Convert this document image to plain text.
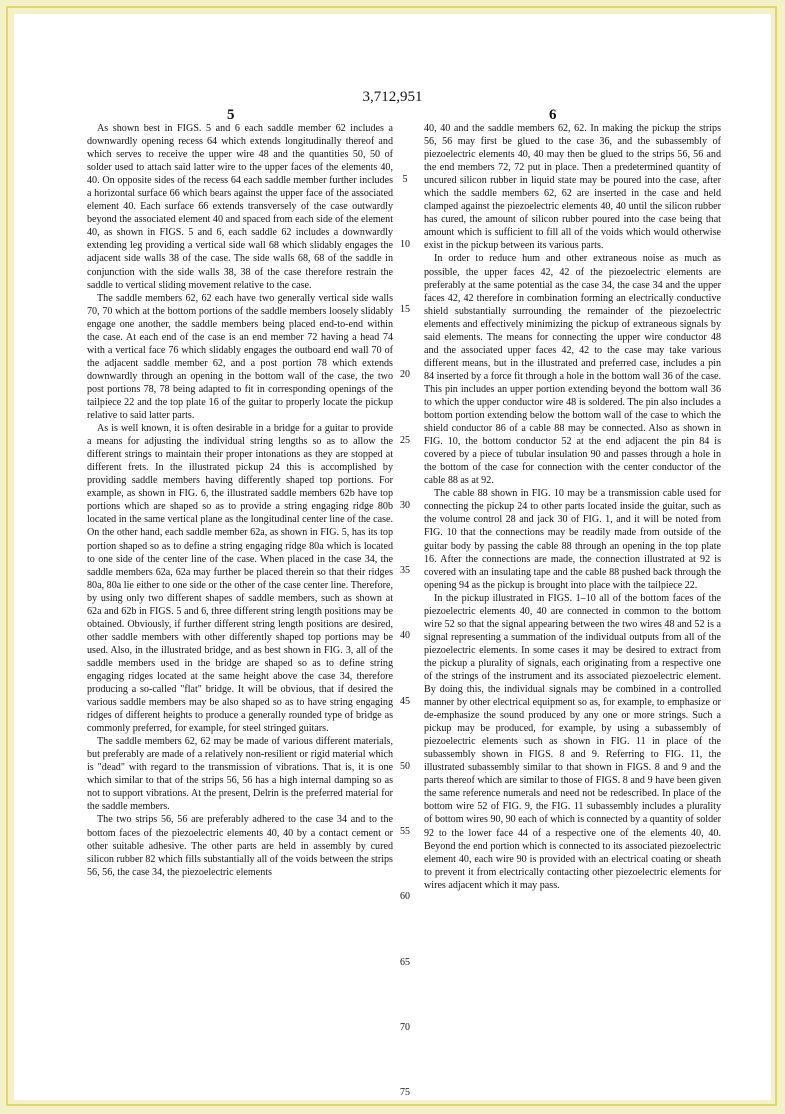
3,712,951
5	6

As shown best in FIGS. 5 and 6 each saddle member 62 includes a downwardly opening recess 64 which extends longitudinally thereof and which serves to receive the upper wire 48 and the quantities 50, 50 of solder used to attach said latter wire to the upper faces of the elements 40, 40. On opposite sides of the recess 64 each saddle member further includes a horizontal surface 66 which bears against the upper face of the associated element 40. Each surface 66 extends transversely of the case outwardly beyond the associated element 40 and spaced from each side of the element 40, as shown in FIGS. 5 and 6, each saddle 62 includes a downwardly extending leg providing a vertical side wall 68 which slidably engages the adjacent side walls 38 of the case. The side walls 68, 68 of the saddle in conjunction with the side walls 38, 38 of the case therefore restrain the saddle to vertical sliding movement relative to the case.

The saddle members 62, 62 each have two generally vertical side walls 70, 70 which at the bottom portions of the saddle members loosely slidably engage one another, the saddle members being placed end-to-end within the case. At each end of the case is an end member 72 having a head 74 with a vertical face 76 which slidably engages the outboard end wall 70 of the adjacent saddle member 62, and a post portion 78 which extends downwardly through an opening in the bottom wall of the case, the two post portions 78, 78 being adapted to fit in corresponding openings of the tailpiece 22 and the top plate 16 of the guitar to properly locate the pickup relative to said latter parts.

As is well known, it is often desirable in a bridge for a guitar to provide a means for adjusting the individual string lengths so as to allow the different strings to maintain their proper intonations as they are stopped at different frets. In the illustrated pickup 24 this is accomplished by providing saddle members having differently shaped top portions. For example, as shown in FIG. 6, the illustrated saddle members 62b have top portions which are shaped so as to provide a string engaging ridge 80b located in the same vertical plane as the longitudinal center line of the case. On the other hand, each saddle member 62a, as shown in FIG. 5, has its top portion shaped so as to define a string engaging ridge 80a which is located to one side of the center line of the case. When placed in the case 34, the saddle members 62a, 62a may further be placed therein so that their ridges 80a, 80a lie either to one side or the other of the case center line. Therefore, by using only two different shapes of saddle members, such as shown at 62a and 62b in FIGS. 5 and 6, three different string length positions may be obtained. Obviously, if further different string length positions are desired, other saddle members with other differently shaped top portions may be used. Also, in the illustrated bridge, and as best shown in FIG. 3, all of the saddle members used in the bridge are shaped so as to define string engaging ridges located at the same height above the case 34, therefore producing a so-called "flat" bridge. It will be obvious, that if desired the various saddle members may be also shaped so as to have string engaging ridges of different heights to produce a generally rounded type of bridge as commonly preferred, for example, for steel stringed guitars.

The saddle members 62, 62 may be made of various different materials, but preferably are made of a relatively non-resilient or rigid material which is "dead" with regard to the transmission of vibrations. That is, it is one which similar to that of the strips 56, 56 has a high internal damping so as not to support vibrations. At the present, Delrin is the preferred material for the saddle members.

The two strips 56, 56 are preferably adhered to the case 34 and to the bottom faces of the piezoelectric elements 40, 40 by a contact cement or other suitable adhesive. The other parts are held in assembly by cured silicon rubber 82 which fills substantially all of the voids between the strips 56, 56, the case 34, the piezoelectric elements

40, 40 and the saddle members 62, 62. In making the pickup the strips 56, 56 may first be glued to the case 36, and the subassembly of piezoelectric elements 40, 40 may then be glued to the strips 56, 56 and the end members 72, 72 put in place. Then a predetermined quantity of uncured silicon rubber in liquid state may be poured into the case, after which the saddle members 62, 62 are inserted in the case and held clamped against the piezoelectric elements 40, 40 until the silicon rubber has cured, the amount of silicon rubber poured into the case being that amount which is sufficient to fill all of the voids which would otherwise exist in the pickup between its various parts.

In order to reduce hum and other extraneous noise as much as possible, the upper faces 42, 42 of the piezoelectric elements are preferably at the same potential as the case 34, the case 34 and the upper faces 42, 42 therefore in combination forming an electrically conductive shield substantially surrounding the remainder of the piezoelectric elements and effectively minimizing the pickup of extraneous signals by said elements. The means for connecting the upper wire conductor 48 and the associated upper faces 42, 42 to the case may take various different means, but in the illustrated and preferred case, includes a pin 84 inserted by a force fit through a hole in the bottom wall 36 of the case. This pin includes an upper portion extending beyond the bottom wall 36 to which the upper conductor wire 48 is soldered. The pin also includes a bottom portion extending below the bottom wall of the case to which the shield conductor 86 of a cable 88 may be connected. Also as shown in FIG. 10, the bottom conductor 52 at the end adjacent the pin 84 is covered by a piece of tubular insulation 90 and passes through a hole in the bottom of the case for connection with the center conductor of the cable 88 as at 92.

The cable 88 shown in FIG. 10 may be a transmission cable used for connecting the pickup 24 to other parts located inside the guitar, such as the volume control 28 and jack 30 of FIG. 1, and it will be noted from FIG. 10 that the connections may be readily made from outside of the guitar body by passing the cable 88 through an opening in the top plate 16. After the connections are made, the connection illustrated at 92 is covered with an insulating tape and the cable 88 pushed back through the opening 94 as the pickup is brought into place with the tailpiece 22.

In the pickup illustrated in FIGS. 1–10 all of the bottom faces of the piezoelectric elements 40, 40 are connected in common to the bottom wire 52 so that the signal appearing between the two wires 48 and 52 is a signal representing a summation of the individual outputs from all of the piezoelectric elements. In some cases it may be desired to extract from the pickup a plurality of signals, each originating from a respective one of the strings of the instrument and its associated piezoelectric element. By doing this, the individual signals may be combined in a controlled manner by other electrical equipment so as, for example, to emphasize or de-emphasize the sound produced by any one or more strings. Such a pickup may be produced, for example, by using a subassembly of piezoelectric elements such as shown in FIG. 11 in place of the subassembly shown in FIGS. 8 and 9. Referring to FIG. 11, the illustrated subassembly similar to that shown in FIGS. 8 and 9 and the parts thereof which are similar to those of FIGS. 8 and 9 have been given the same reference numerals and need not be redescribed. In place of the bottom wire 52 of FIG. 9, the FIG. 11 subassembly includes a plurality of bottom wires 90, 90 each of which is connected by a quantity of solder 92 to the lower face 44 of a respective one of the elements 40, 40. Beyond the end portion which is connected to its associated piezoelectric element 40, each wire 90 is provided with an electrical coating or sheath to prevent it from electrically contacting other piezoelectric elements for wires adjacent which it may pass.

5
10
15
20
25
30
35
40
45
50
55
60
65
70
75
